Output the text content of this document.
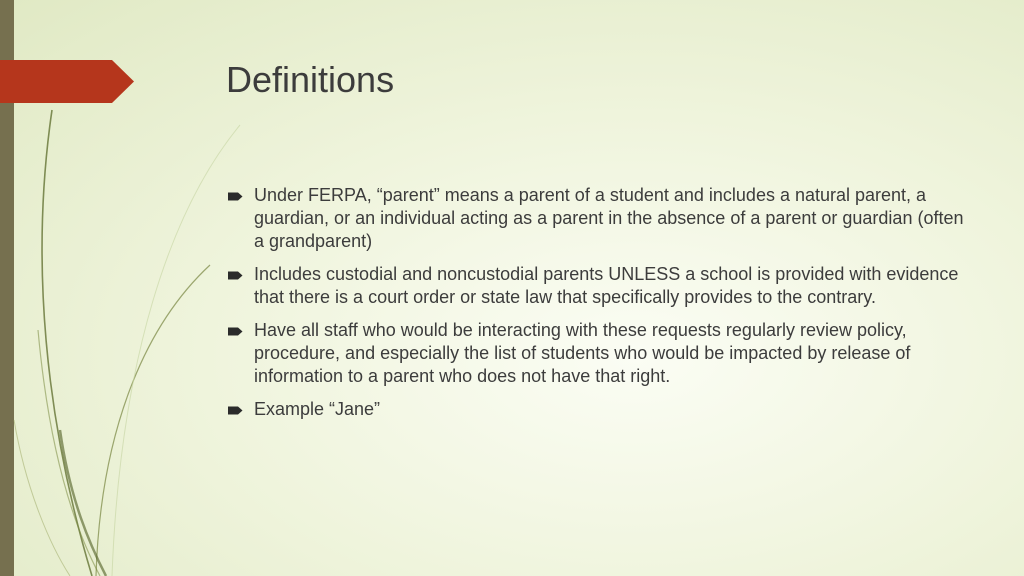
Definitions
Under FERPA, “parent” means a parent of a student and includes a natural parent, a guardian, or an individual acting as a parent in the absence of a parent or guardian (often a grandparent)
Includes custodial and noncustodial parents UNLESS a school is provided with evidence that there is a court order or state law that specifically provides to the contrary.
Have all staff who would be interacting with these requests regularly review policy, procedure, and especially the list of students who would be impacted by release of information to a parent who does not have that right.
Example “Jane”
